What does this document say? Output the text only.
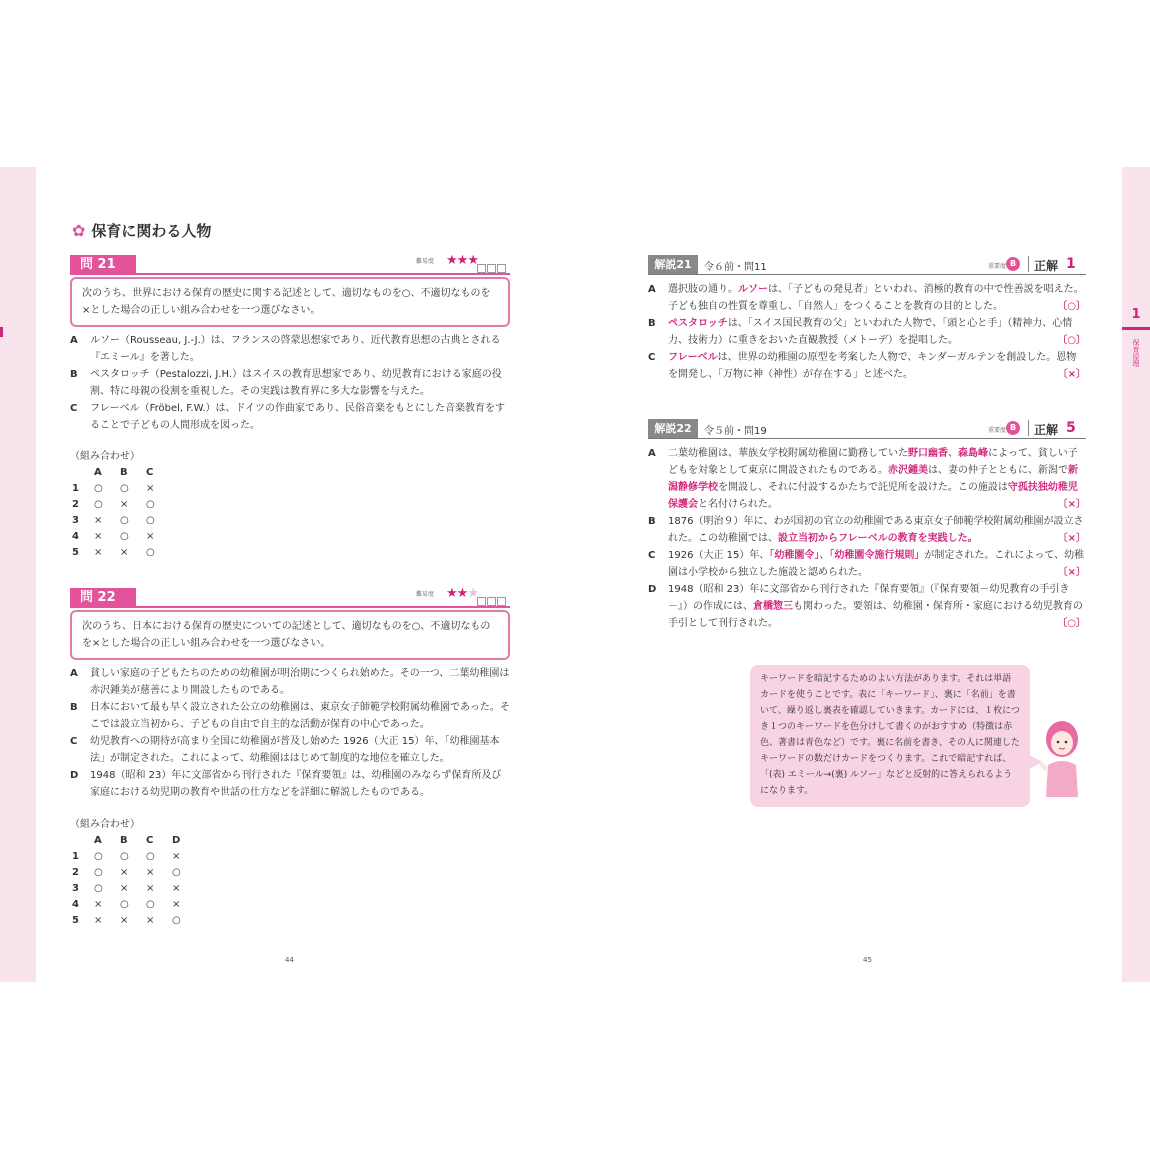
1
保育原理
✿ 保育に関わる人物
問 21	難易度 ★★★
次のうち、世界における保育の歴史に関する記述として、適切なものを○、不適切なものを×とした場合の正しい組み合わせを一つ選びなさい。
A ルソー（Rousseau, J.-J.）は、フランスの啓蒙思想家であり、近代教育思想の古典とされる『エミール』を著した。
B ペスタロッチ（Pestalozzi, J.H.）はスイスの教育思想家であり、幼児教育における家庭の役割、特に母親の役割を重視した。その実践は教育界に多大な影響を与えた。
C フレーベル（Fröbel, F.W.）は、ドイツの作曲家であり、民俗音楽をもとにした音楽教育をすることで子どもの人間形成を図った。
（組み合わせ）
	A	B	C
1	○	○	×
2	○	×	○
3	×	○	○
4	×	○	×
5	×	×	○
問 22	難易度 ★★★
次のうち、日本における保育の歴史についての記述として、適切なものを○、不適切なものを×とした場合の正しい組み合わせを一つ選びなさい。
A 貧しい家庭の子どもたちのための幼稚園が明治期につくられ始めた。その一つ、二葉幼稚園は赤沢鍾美が慈善により開設したものである。
B 日本において最も早く設立された公立の幼稚園は、東京女子師範学校附属幼稚園であった。そこでは設立当初から、子どもの自由で自主的な活動が保育の中心であった。
C 幼児教育への期待が高まり全国に幼稚園が普及し始めた 1926（大正 15）年、「幼稚園基本法」が制定された。これによって、幼稚園ははじめて制度的な地位を確立した。
D 1948（昭和 23）年に文部省から刊行された『保育要領』は、幼稚園のみならず保育所及び家庭における幼児期の教育や世話の仕方などを詳細に解説したものである。
（組み合わせ）
	A	B	C	D
1	○	○	○	×
2	○	×	×	○
3	○	×	×	×
4	×	○	○	×
5	×	×	×	○
解説21	令６前・問11	重要度 B	正解 1
A 選択肢の通り。ルソーは、「子どもの発見者」といわれ、消極的教育の中で性善説を唱えた。子ども独自の性質を尊重し、「自然人」をつくることを教育の目的とした。	〔○〕
B ペスタロッチは、「スイス国民教育の父」といわれた人物で、「頭と心と手」（精神力、心情力、技術力）に重きをおいた直観教授（メトーデ）を提唱した。	〔○〕
C フレーベルは、世界の幼稚園の原型を考案した人物で、キンダーガルテンを創設した。恩物を開発し、「万物に神（神性）が存在する」と述べた。	〔×〕
解説22	令５前・問19	重要度 B	正解 5
A 二葉幼稚園は、華族女学校附属幼稚園に勤務していた野口幽香、森島峰によって、貧しい子どもを対象として東京に開設されたものである。赤沢鍾美は、妻の仲子とともに、新潟で新潟静修学校を開設し、それに付設するかたちで託児所を設けた。この施設は守孤扶独幼稚児保護会と名付けられた。	〔×〕
B 1876（明治９）年に、わが国初の官立の幼稚園である東京女子師範学校附属幼稚園が設立された。この幼稚園では、設立当初からフレーベルの教育を実践した。	〔×〕
C 1926（大正 15）年、「幼稚園令」、「幼稚園令施行規則」が制定された。これによって、幼稚園は小学校から独立した施設と認められた。	〔×〕
D 1948（昭和 23）年に文部省から刊行された『保育要領』（『保育要領－幼児教育の手引き－』）の作成には、倉橋惣三も関わった。要領は、幼稚園・保育所・家庭における幼児教育の手引として刊行された。	〔○〕
キーワードを暗記するためのよい方法があります。それは単語カードを使うことです。表に「キーワード」、裏に「名前」を書いて、繰り返し裏表を確認していきます。カードには、１枚につき１つのキーワードを色分けして書くのがおすすめ（特徴は赤色、著書は青色など）です。裏に名前を書き、その人に関連したキーワードの数だけカードをつくります。これで暗記すれば、「(表) エミール→(裏) ルソー」などと反射的に答えられるようになります。
44	45
